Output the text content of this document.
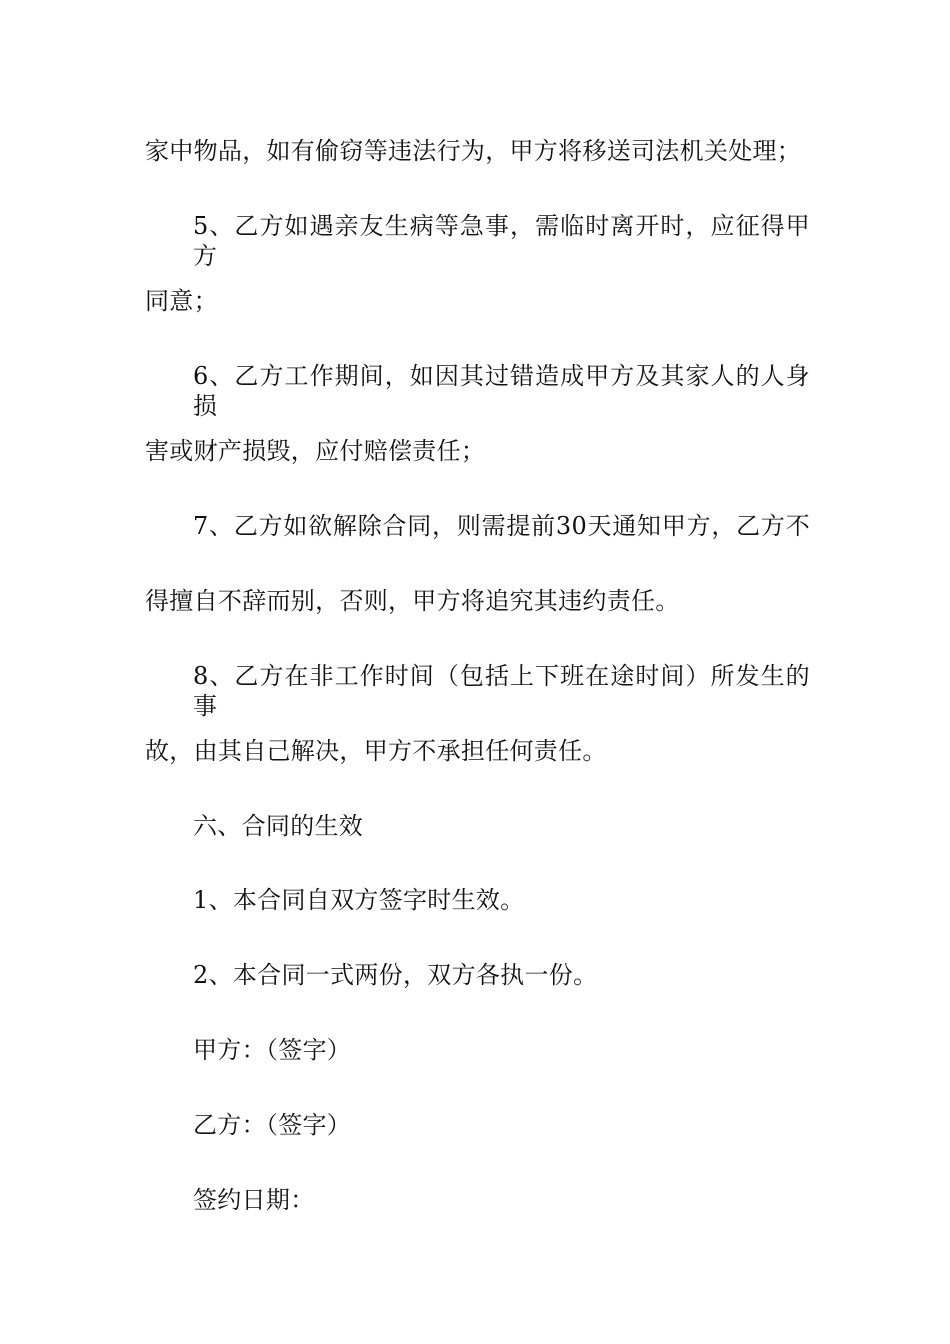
家中物品，如有偷窃等违法行为，甲方将移送司法机关处理；
5、乙方如遇亲友生病等急事，需临时离开时，应征得甲方
同意；
6、乙方工作期间，如因其过错造成甲方及其家人的人身损
害或财产损毁，应付赔偿责任；
7、乙方如欲解除合同，则需提前30天通知甲方，乙方不
得擅自不辞而别，否则，甲方将追究其违约责任。
8、乙方在非工作时间（包括上下班在途时间）所发生的事
故，由其自己解决，甲方不承担任何责任。
六、合同的生效
1、本合同自双方签字时生效。
2、本合同一式两份，双方各执一份。
甲方：（签字）
乙方：（签字）
签约日期：
